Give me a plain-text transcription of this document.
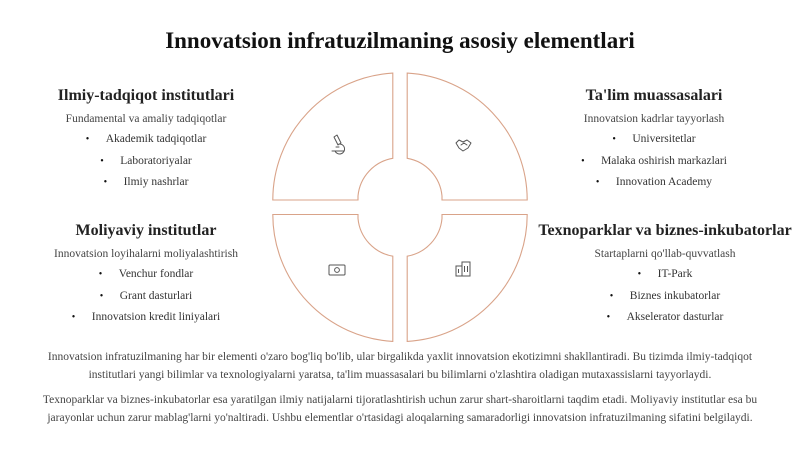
Innovatsion infratuzilmaning asosiy elementlari
Ilmiy-tadqiqot institutlari
Fundamental va amaliy tadqiqotlar
• Akademik tadqiqotlar
• Laboratoriyalar
• Ilmiy nashrlar
Ta'lim muassasalari
Innovatsion kadrlar tayyorlash
• Universitetlar
• Malaka oshirish markazlari
• Innovation Academy
Moliyaviy institutlar
Innovatsion loyihalarni moliyalashtirish
• Venchur fondlar
• Grant dasturlari
• Innovatsion kredit liniyalari
Texnoparklar va biznes-inkubatorlar
Startaplarni qo'llab-quvvatlash
• IT-Park
• Biznes inkubatorlar
• Akselerator dasturlar
Innovatsion infratuzilmaning har bir elementi o'zaro bog'liq bo'lib, ular birgalikda yaxlit innovatsion ekotizimni shakllantiradi. Bu tizimda ilmiy-tadqiqot institutlari yangi bilimlar va texnologiyalarni yaratsa, ta'lim muassasalari bu bilimlarni o'zlashtira oladigan mutaxassislarni tayyorlaydi.
Texnoparklar va biznes-inkubatorlar esa yaratilgan ilmiy natijalarni tijoratlashtirish uchun zarur shart-sharoitlarni taqdim etadi. Moliyaviy institutlar esa bu jarayonlar uchun zarur mablag'larni yo'naltiradi. Ushbu elementlar o'rtasidagi aloqalarning samaradorligi innovatsion infratuzilmaning sifatini belgilaydi.
